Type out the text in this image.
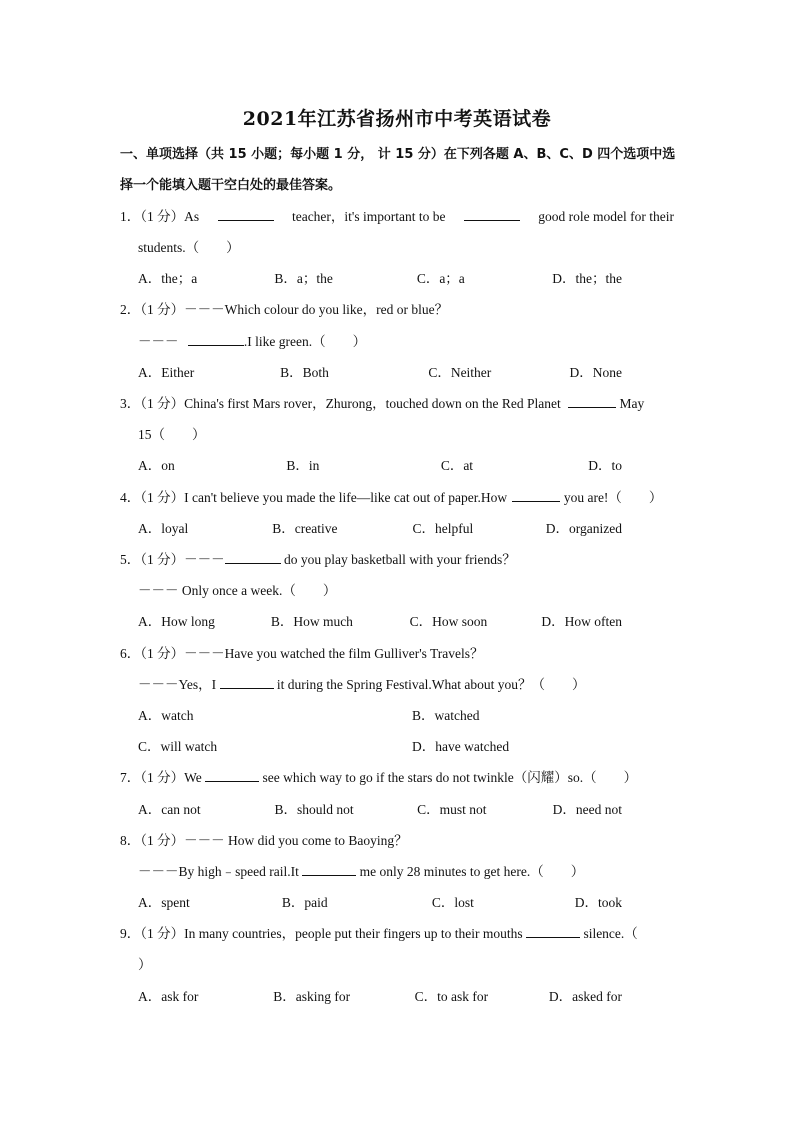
2021年江苏省扬州市中考英语试卷
一、单项选择（共 15 小题；每小题 1 分， 计 15 分）在下列各题 A、B、C、D 四个选项中选择一个能填入题干空白处的最佳答案。
1．（1 分）As	teacher，it's important to be	good role model for their
students.（　　）
A．the；a	B．a；the	C．a；a	D．the；the
2．（1 分）－－－Which colour do you like，red or blue？
－－－	.I like green.（　　）
A．Either	B．Both	C．Neither	D．None
3．（1 分）China's first Mars rover，Zhurong，touched down on the Red Planet	May
15（　　）
A．on	B．in	C．at	D．to
4．（1 分）I can't believe you made the life—like cat out of paper.How	you are!（　　）
A．loyal	B．creative	C．helpful	D．organized
5．（1 分）－－－	do you play basketball with your friends？
－－－ Only once a week.（　　）
A．How long	B．How much	C．How soon	D．How often
6．（1 分）－－－Have you watched the film Gulliver's Travels？
－－－Yes，I	it during the Spring Festival.What about you？（　　）
A．watch	B．watched
C．will watch	D．have watched
7．（1 分）We	see which way to go if the stars do not twinkle（闪耀）so.（　　）
A．can not	B．should not	C．must not	D．need not
8．（1 分）－－－ How did you come to Baoying？
－－－By high﹣speed rail.It	me only 28 minutes to get here.（　　）
A．spent	B．paid	C．lost	D．took
9．（1 分）In many countries，people put their fingers up to their mouths	silence.（
）
A．ask for	B．asking for	C．to ask for	D．asked for
